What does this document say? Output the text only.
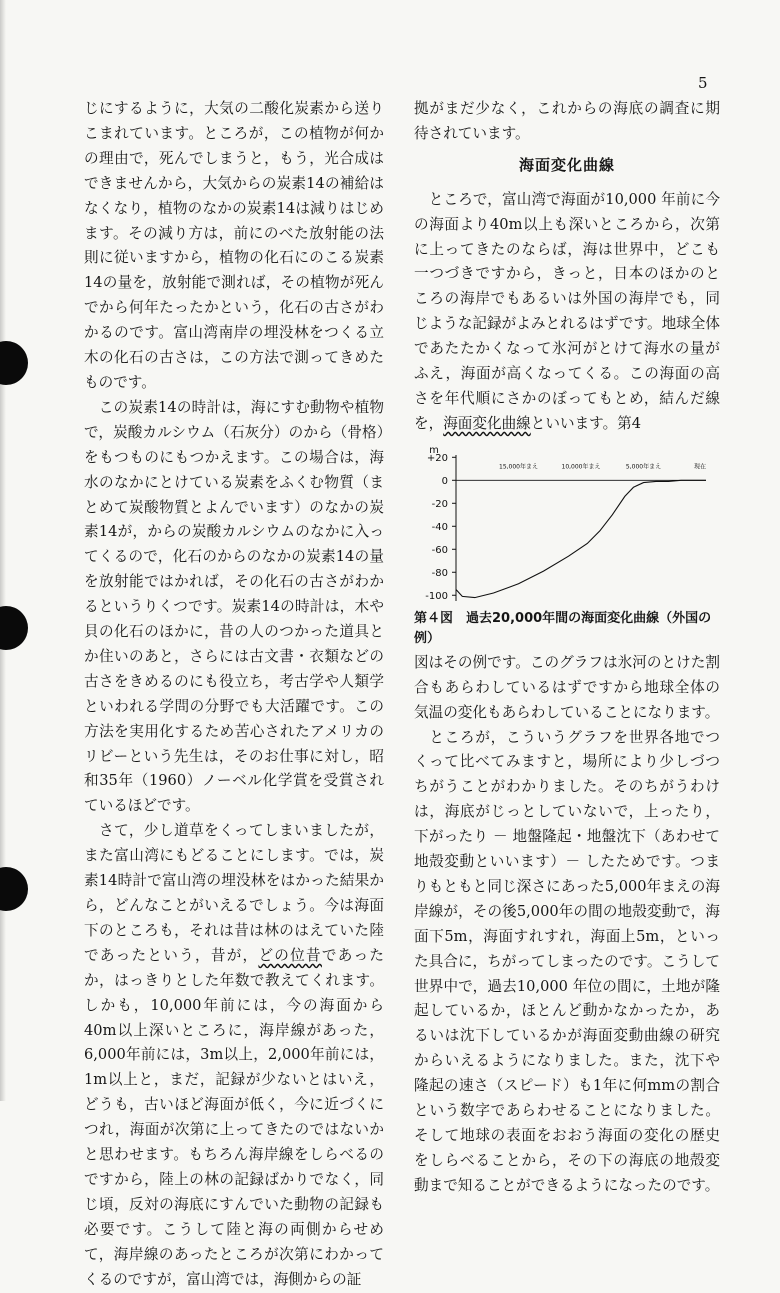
5

じにするように，大気の二酸化炭素から送りこまれています。ところが，この植物が何かの理由で，死んでしまうと，もう，光合成はできませんから，大気からの炭素14の補給はなくなり，植物のなかの炭素14は減りはじめます。その減り方は，前にのべた放射能の法則に従いますから，植物の化石にのこる炭素14の量を，放射能で測れば，その植物が死んでから何年たったかという，化石の古さがわかるのです。富山湾南岸の埋没林をつくる立木の化石の古さは，この方法で測ってきめたものです。

　この炭素14の時計は，海にすむ動物や植物で，炭酸カルシウム（石灰分）のから（骨格）をもつものにもつかえます。この場合は，海水のなかにとけている炭素をふくむ物質（まとめて炭酸物質とよんでいます）のなかの炭素14が，からの炭酸カルシウムのなかに入ってくるので，化石のからのなかの炭素14の量を放射能ではかれば，その化石の古さがわかるというりくつです。炭素14の時計は，木や貝の化石のほかに，昔の人のつかった道具とか住いのあと，さらには古文書・衣類などの古さをきめるのにも役立ち，考古学や人類学といわれる学問の分野でも大活躍です。この方法を実用化するため苦心されたアメリカのリビーという先生は，そのお仕事に対し，昭和35年（1960）ノーベル化学賞を受賞されているほどです。

　さて，少し道草をくってしまいましたが，また富山湾にもどることにします。では，炭素14時計で富山湾の埋没林をはかった結果から，どんなことがいえるでしょう。今は海面下のところも，それは昔は林のはえていた陸であったという，昔が，どの位昔であったか，はっきりとした年数で教えてくれます。しかも，10,000年前には，今の海面から40m以上深いところに，海岸線があった，6,000年前には，3m以上，2,000年前には，1m以上と，まだ，記録が少ないとはいえ，どうも，古いほど海面が低く，今に近づくにつれ，海面が次第に上ってきたのではないかと思わせます。もちろん海岸線をしらべるのですから，陸上の林の記録ばかりでなく，同じ頃，反対の海底にすんでいた動物の記録も必要です。こうして陸と海の両側からせめて，海岸線のあったところが次第にわかってくるのですが，富山湾では，海側からの証

拠がまだ少なく，これからの海底の調査に期待されています。

海面変化曲線

　ところで，富山湾で海面が10,000 年前に今の海面より40m以上も深いところから，次第に上ってきたのならば，海は世界中，どこも一つづきですから，きっと，日本のほかのところの海岸でもあるいは外国の海岸でも，同じような記録がよみとれるはずです。地球全体であたたかくなって氷河がとけて海水の量がふえ，海面が高くなってくる。この海面の高さを年代順にさかのぼってもとめ，結んだ線を，海面変化曲線といいます。第4

m
+20
0
-20
-40
-60
-80
-100
15,000年まえ	10,000年まえ	5,000年まえ	現在

第４図　過去20,000年間の海面変化曲線（外国の例）

図はその例です。このグラフは氷河のとけた割合もあらわしているはずですから地球全体の気温の変化もあらわしていることになります。

　ところが，こういうグラフを世界各地でつくって比べてみますと，場所により少しづつちがうことがわかりました。そのちがうわけは，海底がじっとしていないで，上ったり，下がったり － 地盤隆起・地盤沈下（あわせて地殻変動といいます）－ したためです。つまりもともと同じ深さにあった5,000年まえの海岸線が，その後5,000年の間の地殻変動で，海面下5m，海面すれすれ，海面上5m，といった具合に，ちがってしまったのです。こうして世界中で，過去10,000 年位の間に，土地が隆起しているか，ほとんど動かなかったか，あるいは沈下しているかが海面変動曲線の研究からいえるようになりました。また，沈下や隆起の速さ（スピード）も1年に何mmの割合という数字であらわせることになりました。そして地球の表面をおおう海面の変化の歴史をしらべることから，その下の海底の地殻変動まで知ることができるようになったのです。
